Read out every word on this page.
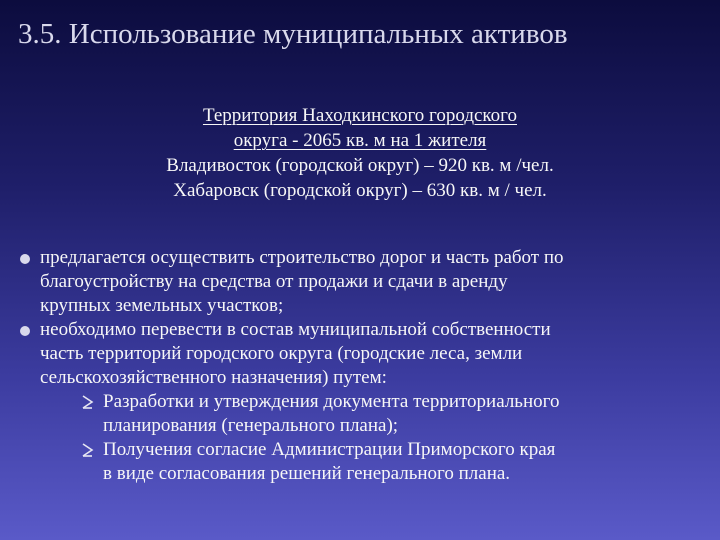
3.5. Использование муниципальных активов
Территория Находкинского городского
округа - 2065 кв. м на 1 жителя
Владивосток (городской округ) – 920 кв. м /чел.
Хабаровск (городской округ) – 630 кв. м / чел.
предлагается осуществить строительство дорог и часть работ по
благоустройству на средства от продажи и сдачи в аренду
крупных земельных участков;
необходимо перевести в состав муниципальной собственности
часть территорий городского округа (городские леса, земли
сельскохозяйственного назначения) путем:
Разработки и утверждения документа территориального
планирования (генерального плана);
Получения согласие Администрации Приморского края
в виде согласования решений генерального плана.
